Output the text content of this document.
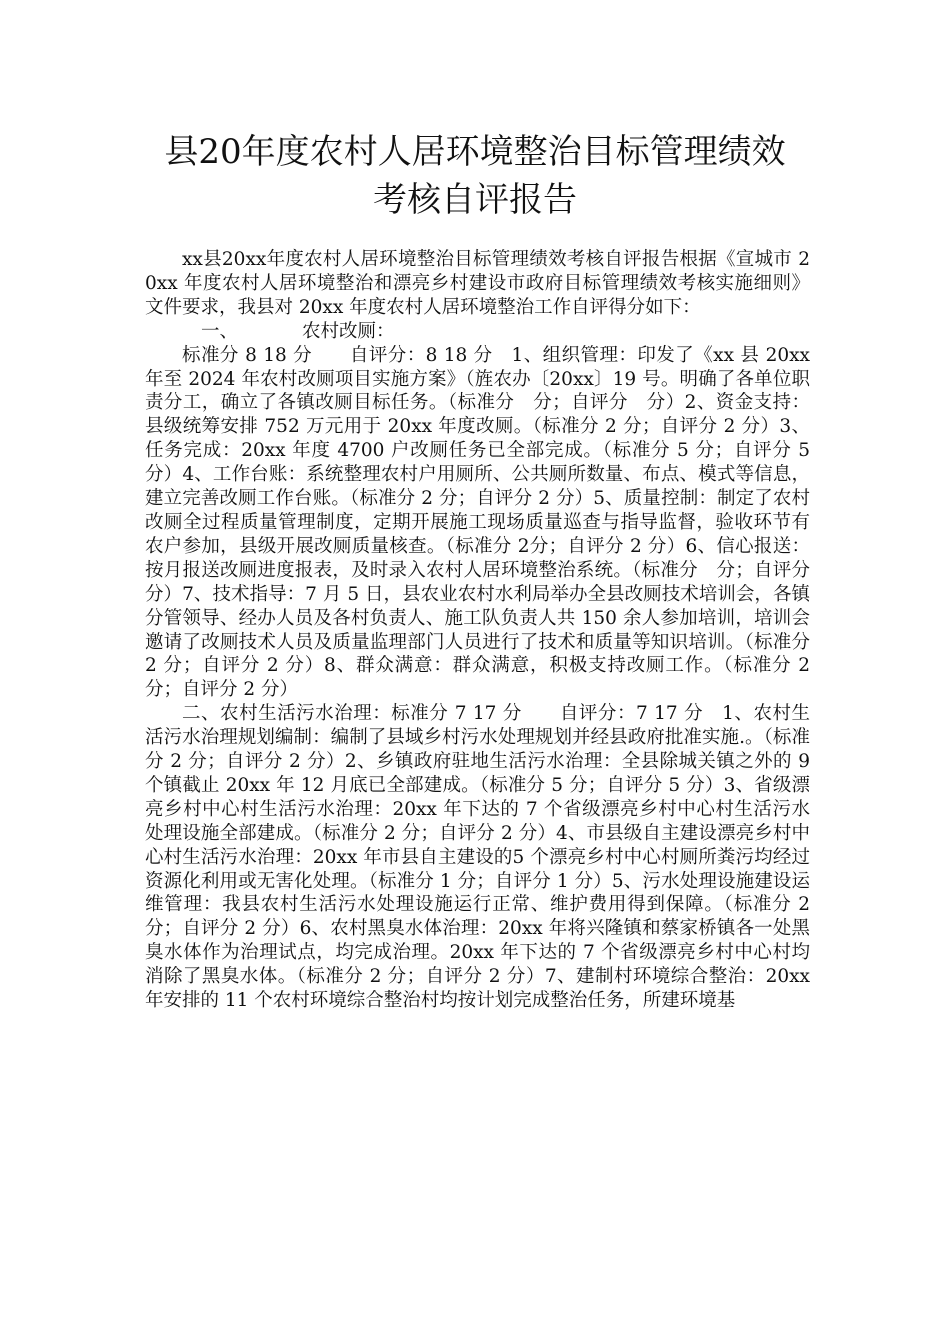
县20年度农村人居环境整治目标管理绩效
考核自评报告

xx县20xx年度农村人居环境整治目标管理绩效考核自评报告根据《宣城市 20xx 年度农村人居环境整治和漂亮乡村建设市政府目标管理绩效考核实施细则》文件要求，我县对 20xx 年度农村人居环境整治工作自评得分如下：

一、	农村改厕：

标准分 8 18 分　　自评分：8 18 分　1、组织管理：印发了《xx 县 20xx 年至 2024 年农村改厕项目实施方案》（旌农办〔20xx〕19 号。明确了各单位职责分工，确立了各镇改厕目标任务。（标准分　分；自评分　分）2、资金支持：县级统筹安排 752 万元用于 20xx 年度改厕。（标准分 2 分；自评分 2 分）3、任务完成：20xx 年度 4700 户改厕任务已全部完成。（标准分 5 分；自评分 5 分）4、工作台账：系统整理农村户用厕所、公共厕所数量、布点、模式等信息，建立完善改厕工作台账。（标准分 2 分；自评分 2 分）5、质量控制：制定了农村改厕全过程质量管理制度，定期开展施工现场质量巡查与指导监督，验收环节有农户参加，县级开展改厕质量核查。（标准分 2分；自评分 2 分）6、信心报送：按月报送改厕进度报表，及时录入农村人居环境整治系统。（标准分　分；自评分　分）7、技术指导：7 月 5 日，县农业农村水利局举办全县改厕技术培训会，各镇分管领导、经办人员及各村负责人、施工队负责人共 150 余人参加培训，培训会邀请了改厕技术人员及质量监理部门人员进行了技术和质量等知识培训。（标准分 2 分；自评分 2 分）8、群众满意：群众满意，积极支持改厕工作。（标准分 2 分；自评分 2 分）

二、农村生活污水治理：标准分 7 17 分　　自评分：7 17 分　1、农村生活污水治理规划编制：编制了县域乡村污水处理规划并经县政府批准实施.。（标准分 2 分；自评分 2 分）2、乡镇政府驻地生活污水治理：全县除城关镇之外的 9 个镇截止 20xx 年 12 月底已全部建成。（标准分 5 分；自评分 5 分）3、省级漂亮乡村中心村生活污水治理：20xx 年下达的 7 个省级漂亮乡村中心村生活污水处理设施全部建成。（标准分 2 分；自评分 2 分）4、市县级自主建设漂亮乡村中心村生活污水治理：20xx 年市县自主建设的5 个漂亮乡村中心村厕所粪污均经过资源化利用或无害化处理。（标准分 1 分；自评分 1 分）5、污水处理设施建设运维管理：我县农村生活污水处理设施运行正常、维护费用得到保障。（标准分 2 分；自评分 2 分）6、农村黑臭水体治理：20xx 年将兴隆镇和蔡家桥镇各一处黑臭水体作为治理试点，均完成治理。20xx 年下达的 7 个省级漂亮乡村中心村均消除了黑臭水体。（标准分 2 分；自评分 2 分）7、建制村环境综合整治：20xx 年安排的 11 个农村环境综合整治村均按计划完成整治任务，所建环境基
